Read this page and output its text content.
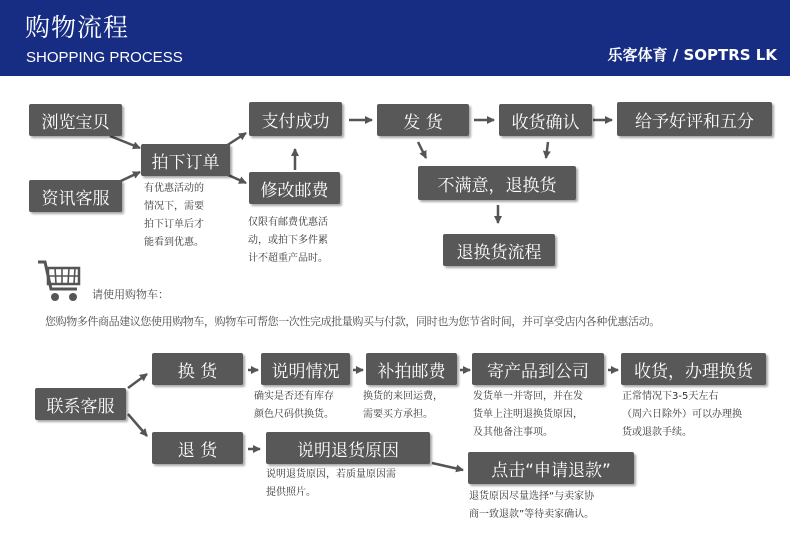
购物流程
SHOPPING PROCESS	乐客体育 / SOPTRS LK
浏览宝贝
资讯客服
拍下订单
支付成功
修改邮费
发 货	收货确认	给予好评和五分
不满意，退换货
退换货流程
有优惠活动的
情况下，需要
拍下订单后才
能看到优惠。
仅限有邮费优惠活
动，或拍下多件累
计不超重产品时。
请使用购物车：
您购物多件商品建议您使用购物车，购物车可帮您一次性完成批量购买与付款，同时也为您节省时间，并可享受店内各种优惠活动。
联系客服
换 货	说明情况	补拍邮费	寄产品到公司	收货，办理换货
退 货	说明退货原因
点击“申请退款”
确实是否还有库存
颜色尺码供换货。
换货的来回运费，
需要买方承担。
发货单一并寄回，并在发
货单上注明退换货原因，
及其他备注事项。
正常情况下3-5天左右
（周六日除外）可以办理换
货或退款手续。
说明退货原因，若质量原因需
提供照片。	退货原因尽量选择“与卖家协
商一致退款”等待卖家确认。
